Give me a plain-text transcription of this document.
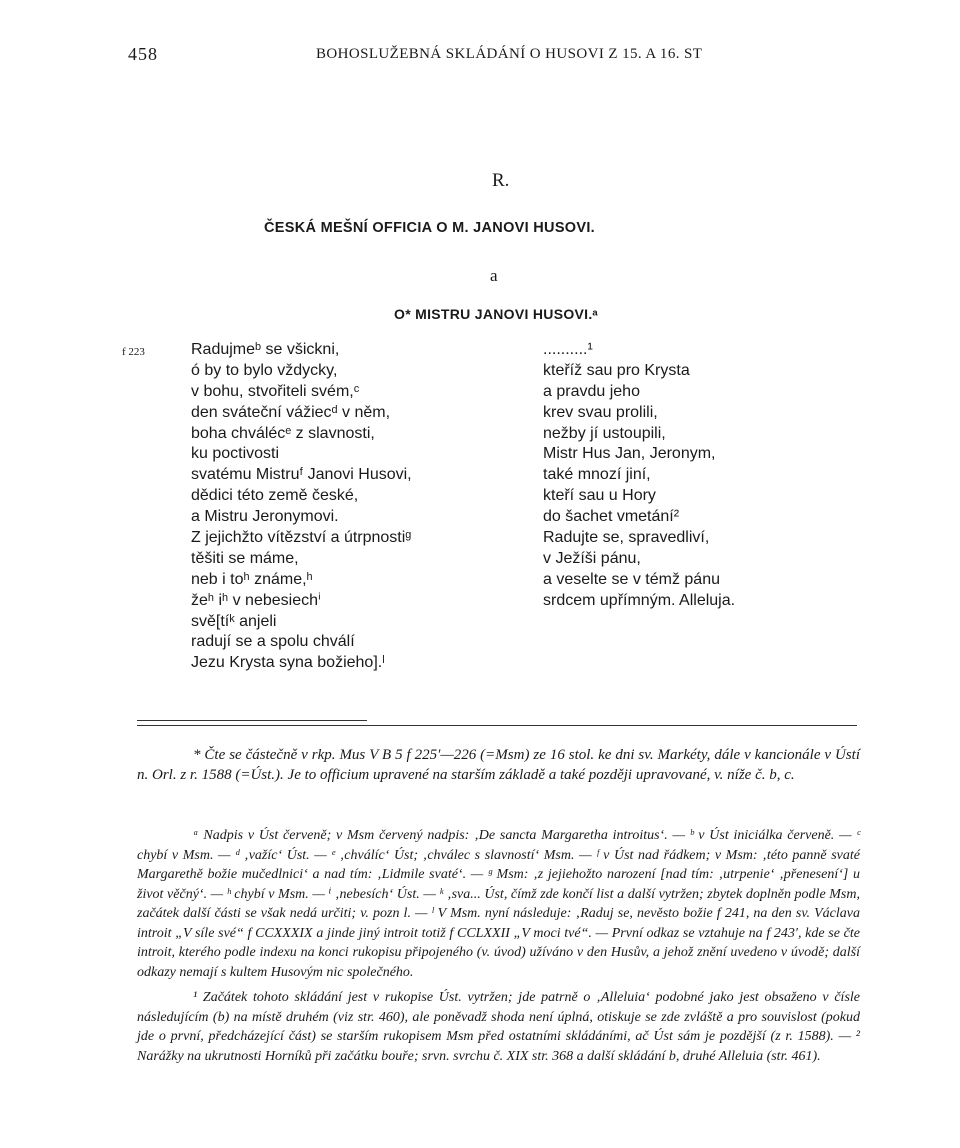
458	BOHOSLUŽEBNÁ SKLÁDÁNÍ O HUSOVI Z 15. A 16. ST
R.
ČESKÁ MEŠNÍ OFFICIA O M. JANOVI HUSOVI.
a
O* MISTRU JANOVI HUSOVI.ᵃ
f 223	Radujmeᵇ se všickni,
ó by to bylo vždycky,
v bohu, stvořiteli svém,ᶜ
den sváteční vážiecᵈ v něm,
boha chválécᵉ z slavnosti,
ku poctivosti
svatému Mistruᶠ Janovi Husovi,
dědici této země české,
a Mistru Jeronymovi.
Z jejichžto vítězství a útrpnostiᵍ
těšiti se máme,
neb i toʰ známe,ʰ
žeʰ iʰ v nebesiechⁱ
svě[tíᵏ anjeli
radují se a spolu chválí
Jezu Krysta syna božieho].ˡ
..........¹
kteříž sau pro Krysta
a pravdu jeho
krev svau prolili,
nežby jí ustoupili,
Mistr Hus Jan, Jeronym,
také mnozí jiní,
kteří sau u Hory
do šachet vmetání²
Radujte se, spravedliví,
v Ježíši pánu,
a veselte se v témž pánu
srdcem upřímným. Alleluja.

* Čte se částečně v rkp. Mus V B 5 f 225′—226 (=Msm) ze 16 stol. ke dni sv. Markéty, dále v kancionále v Ústí n. Orl. z r. 1588 (=Úst.). Je to officium upravené na starším základě a také později upravované, v. níže č. b, c.

ᵃ Nadpis v Úst červeně; v Msm červený nadpis: ‚De sancta Margaretha introitus‘. — ᵇ v Úst iniciálka červeně. — ᶜ chybí v Msm. — ᵈ ‚važíc‘ Úst. — ᵉ ‚chválíc‘ Úst; ‚chválec s slavností‘ Msm. — ᶠ v Úst nad řádkem; v Msm: ‚této panně svaté Margarethě božie mučedlnici‘ a nad tím: ‚Lidmile svaté‘. — ᵍ Msm: ‚z jejiehožto narození [nad tím: ‚utrpenie‘ ‚přenesení‘] u život věčný‘. — ʰ chybí v Msm. — ⁱ ‚nebesích‘ Úst. — ᵏ ‚sva... Úst, čímž zde končí list a další vytržen; zbytek doplněn podle Msm, začátek další části se však nedá určiti; v. pozn l. — ˡ V Msm. nyní následuje: ‚Raduj se, nevěsto božie f 241, na den sv. Václava introit „V síle své“ f CCXXXIX a jinde jiný introit totiž f CCLXXII „V moci tvé“. — První odkaz se vztahuje na f 243′, kde se čte introit, kterého podle indexu na konci rukopisu připojeného (v. úvod) užíváno v den Husův, a jehož znění uvedeno v úvodě; další odkazy nemají s kultem Husovým nic společného.

¹ Začátek tohoto skládání jest v rukopise Úst. vytržen; jde patrně o ‚Alleluia‘ podobné jako jest obsaženo v čísle následujícím (b) na místě druhém (viz str. 460), ale poněvadž shoda není úplná, otiskuje se zde zvláště a pro souvislost (pokud jde o první, předcházející část) se starším rukopisem Msm před ostatními skládáními, ač Úst sám je pozdější (z r. 1588). — ² Narážky na ukrutnosti Horníků při začátku bouře; srvn. svrchu č. XIX str. 368 a další skládání b, druhé Alleluia (str. 461).
